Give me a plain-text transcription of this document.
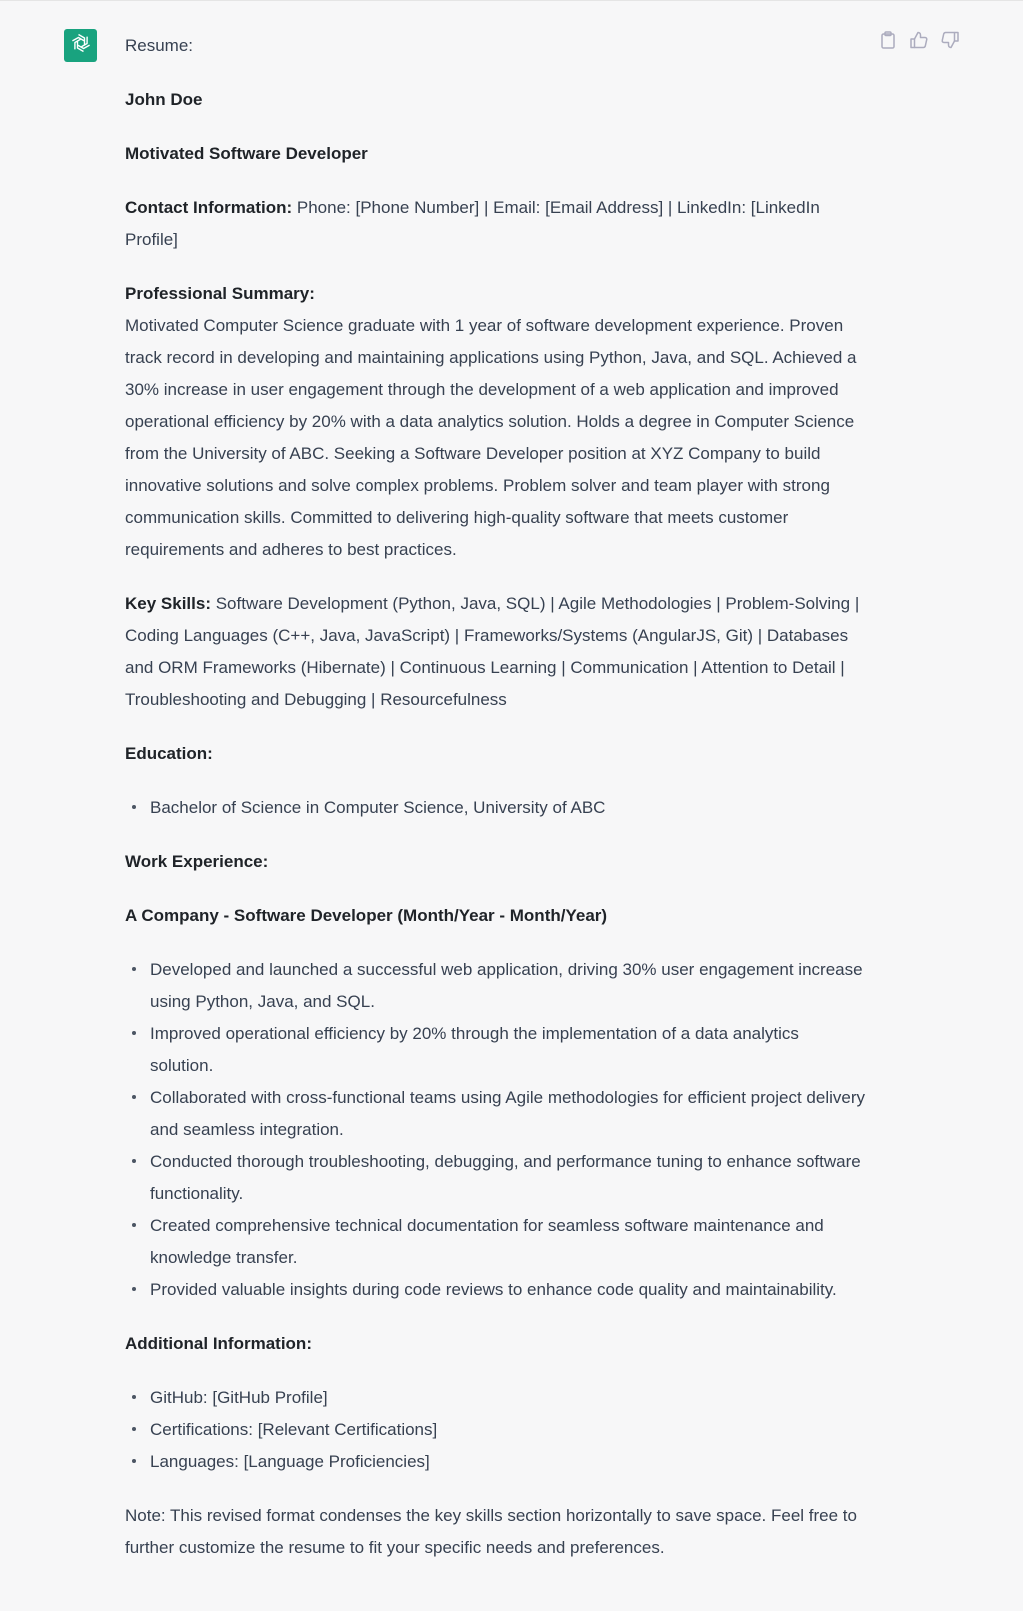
Resume:

John Doe

Motivated Software Developer

Contact Information: Phone: [Phone Number] | Email: [Email Address] | LinkedIn: [LinkedIn Profile]

Professional Summary:
Motivated Computer Science graduate with 1 year of software development experience. Proven track record in developing and maintaining applications using Python, Java, and SQL. Achieved a 30% increase in user engagement through the development of a web application and improved operational efficiency by 20% with a data analytics solution. Holds a degree in Computer Science from the University of ABC. Seeking a Software Developer position at XYZ Company to build innovative solutions and solve complex problems. Problem solver and team player with strong communication skills. Committed to delivering high-quality software that meets customer requirements and adheres to best practices.

Key Skills: Software Development (Python, Java, SQL) | Agile Methodologies | Problem-Solving | Coding Languages (C++, Java, JavaScript) | Frameworks/Systems (AngularJS, Git) | Databases and ORM Frameworks (Hibernate) | Continuous Learning | Communication | Attention to Detail | Troubleshooting and Debugging | Resourcefulness

Education:

Bachelor of Science in Computer Science, University of ABC

Work Experience:

A Company - Software Developer (Month/Year - Month/Year)

Developed and launched a successful web application, driving 30% user engagement increase using Python, Java, and SQL.
Improved operational efficiency by 20% through the implementation of a data analytics solution.
Collaborated with cross-functional teams using Agile methodologies for efficient project delivery and seamless integration.
Conducted thorough troubleshooting, debugging, and performance tuning to enhance software functionality.
Created comprehensive technical documentation for seamless software maintenance and knowledge transfer.
Provided valuable insights during code reviews to enhance code quality and maintainability.

Additional Information:

GitHub: [GitHub Profile]
Certifications: [Relevant Certifications]
Languages: [Language Proficiencies]

Note: This revised format condenses the key skills section horizontally to save space. Feel free to further customize the resume to fit your specific needs and preferences.
